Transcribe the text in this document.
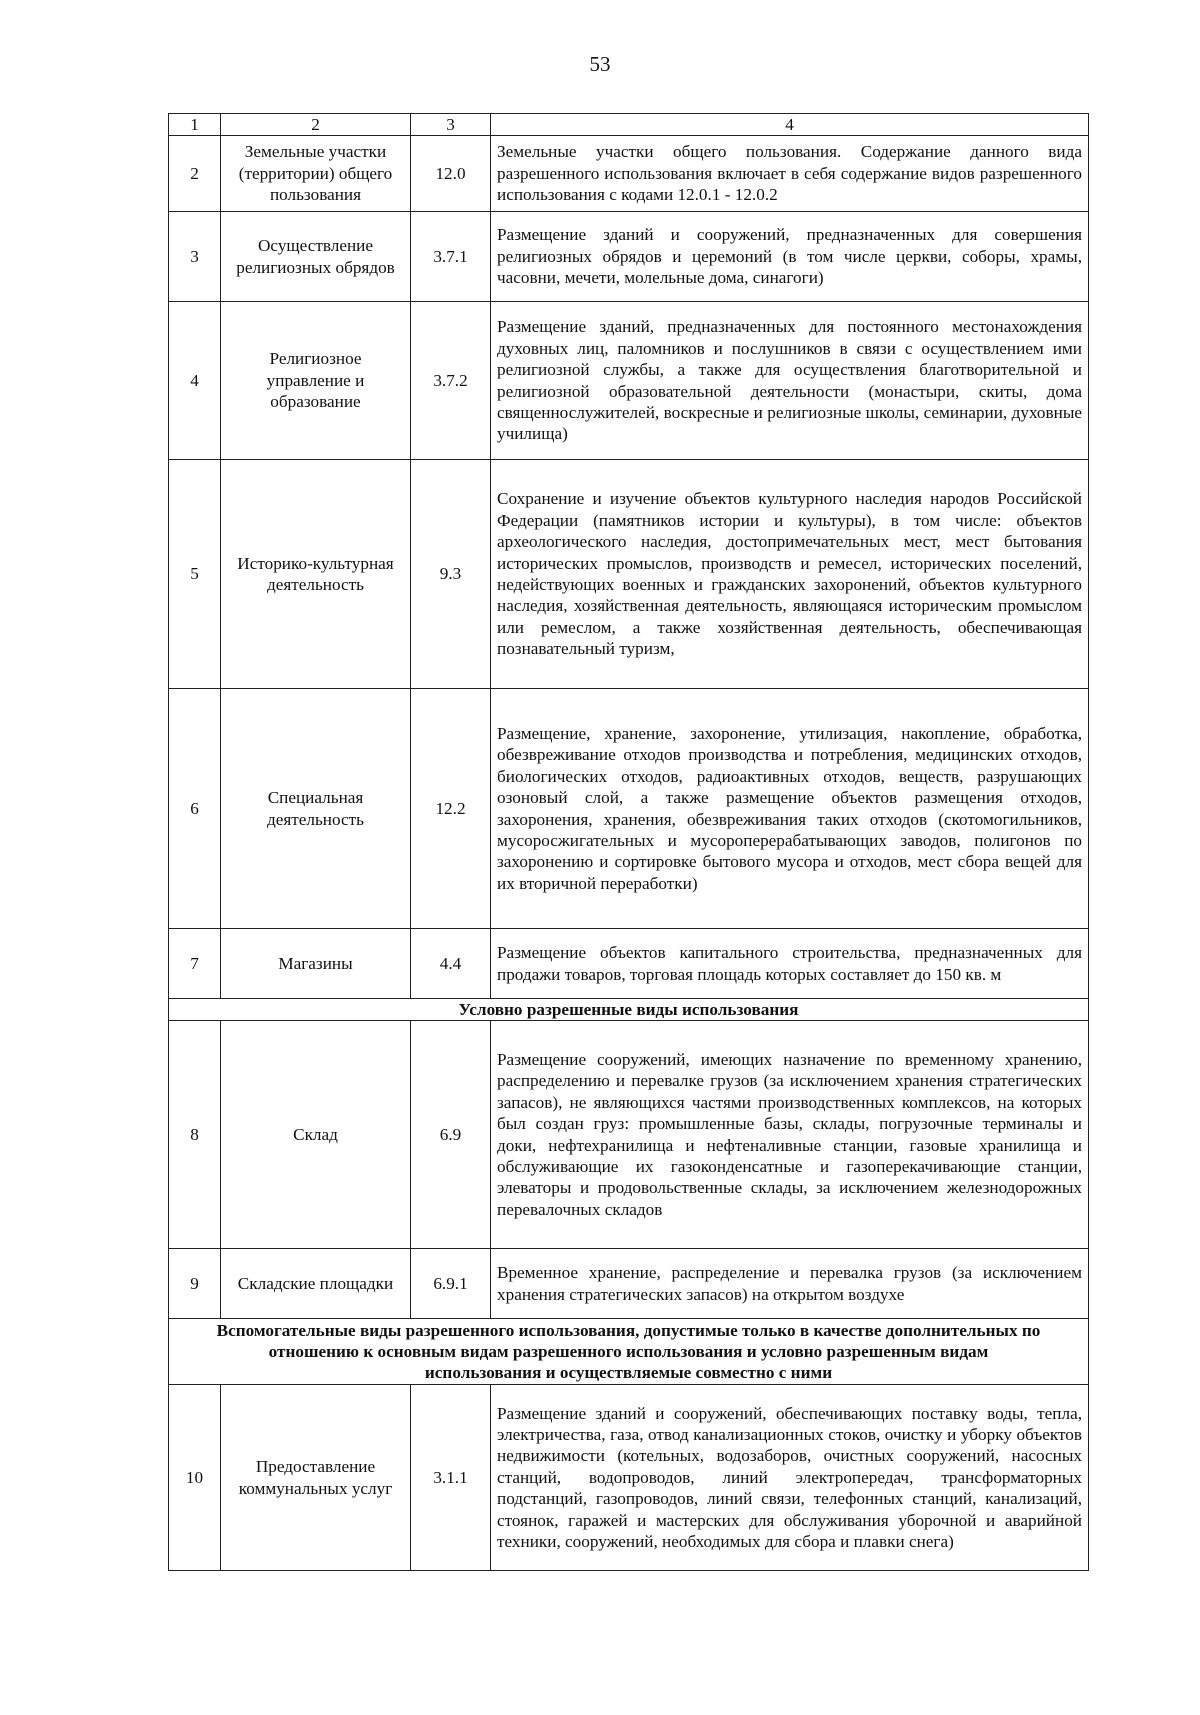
53
1	2	3	4
2	Земельные участки (территории) общего пользования	12.0	Земельные участки общего пользования. Содержание данного вида разрешенного использования включает в себя содержание видов разрешенного использования с кодами 12.0.1 - 12.0.2
3	Осуществление религиозных обрядов	3.7.1	Размещение зданий и сооружений, предназначенных для совершения религиозных обрядов и церемоний (в том числе церкви, соборы, храмы, часовни, мечети, молельные дома, синагоги)
4	Религиозное управление и образование	3.7.2	Размещение зданий, предназначенных для постоянного местонахождения духовных лиц, паломников и послушников в связи с осуществлением ими религиозной службы, а также для осуществления благотворительной и религиозной образовательной деятельности (монастыри, скиты, дома священнослужителей, воскресные и религиозные школы, семинарии, духовные училища)
5	Историко-культурная деятельность	9.3	Сохранение и изучение объектов культурного наследия народов Российской Федерации (памятников истории и культуры), в том числе: объектов археологического наследия, достопримечательных мест, мест бытования исторических промыслов, производств и ремесел, исторических поселений, недействующих военных и гражданских захоронений, объектов культурного наследия, хозяйственная деятельность, являющаяся историческим промыслом или ремеслом, а также хозяйственная деятельность, обеспечивающая познавательный туризм,
6	Специальная деятельность	12.2	Размещение, хранение, захоронение, утилизация, накопление, обработка, обезвреживание отходов производства и потребления, медицинских отходов, биологических отходов, радиоактивных отходов, веществ, разрушающих озоновый слой, а также размещение объектов размещения отходов, захоронения, хранения, обезвреживания таких отходов (скотомогильников, мусоросжигательных и мусороперерабатывающих заводов, полигонов по захоронению и сортировке бытового мусора и отходов, мест сбора вещей для их вторичной переработки)
7	Магазины	4.4	Размещение объектов капитального строительства, предназначенных для продажи товаров, торговая площадь которых составляет до 150 кв. м
Условно разрешенные виды использования			
8	Склад	6.9	Размещение сооружений, имеющих назначение по временному хранению, распределению и перевалке грузов (за исключением хранения стратегических запасов), не являющихся частями производственных комплексов, на которых был создан груз: промышленные базы, склады, погрузочные терминалы и доки, нефтехранилища и нефтеналивные станции, газовые хранилища и обслуживающие их газоконденсатные и газоперекачивающие станции, элеваторы и продовольственные склады, за исключением железнодорожных перевалочных складов
9	Складские площадки	6.9.1	Временное хранение, распределение и перевалка грузов (за исключением хранения стратегических запасов) на открытом воздухе
Вспомогательные виды разрешенного использования, допустимые только в качестве дополнительных по отношению к основным видам разрешенного использования и условно разрешенным видам использования и осуществляемые совместно с ними			
10	Предоставление коммунальных услуг	3.1.1	Размещение зданий и сооружений, обеспечивающих поставку воды, тепла, электричества, газа, отвод канализационных стоков, очистку и уборку объектов недвижимости (котельных, водозаборов, очистных сооружений, насосных станций, водопроводов, линий электропередач, трансформаторных подстанций, газопроводов, линий связи, телефонных станций, канализаций, стоянок, гаражей и мастерских для обслуживания уборочной и аварийной техники, сооружений, необходимых для сбора и плавки снега)
